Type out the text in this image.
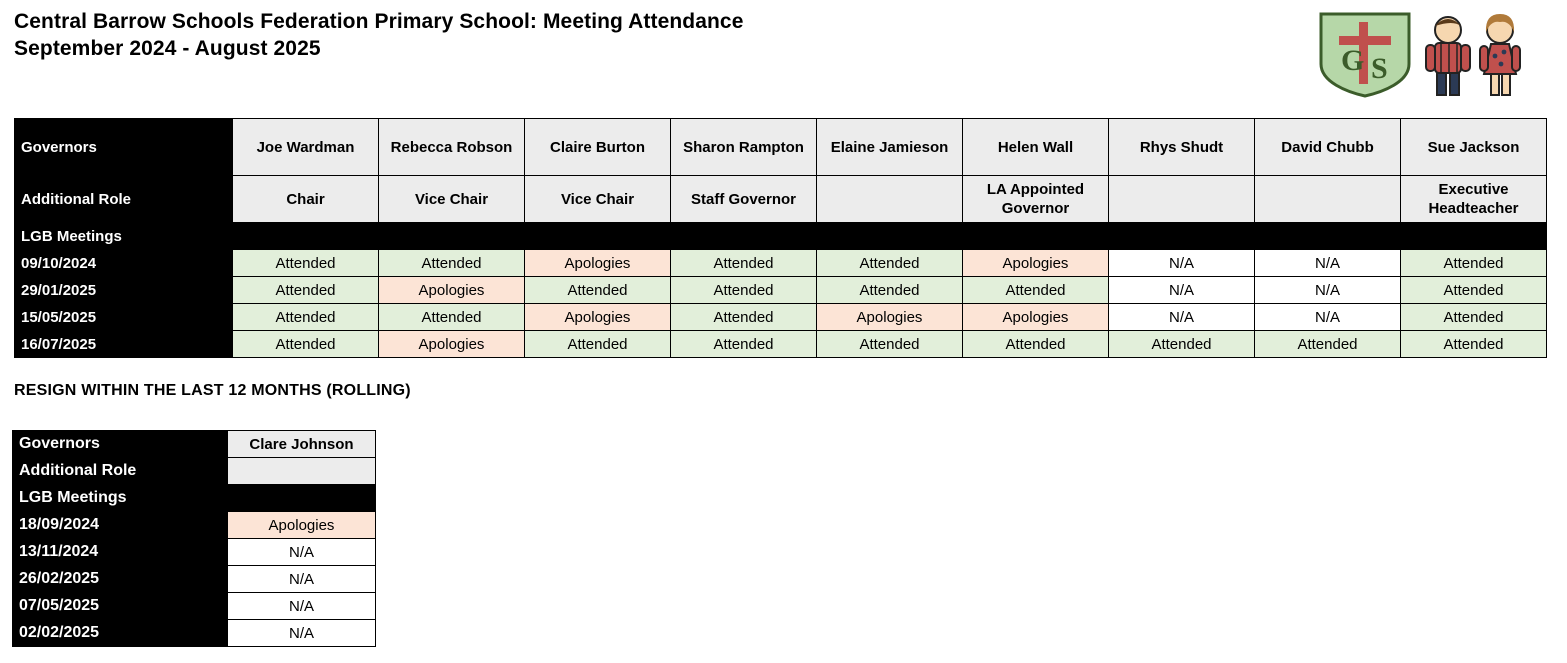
Central Barrow Schools Federation Primary School: Meeting Attendance
September 2024 - August 2025	G S
Governors	Joe Wardman	Rebecca Robson	Claire Burton	Sharon Rampton	Elaine Jamieson	Helen Wall	Rhys Shudt	David Chubb	Sue Jackson
Additional Role	Chair	Vice Chair	Vice Chair	Staff Governor		LA Appointed Governor			Executive Headteacher
LGB Meetings									
09/10/2024	Attended	Attended	Apologies	Attended	Attended	Apologies	N/A	N/A	Attended
29/01/2025	Attended	Apologies	Attended	Attended	Attended	Attended	N/A	N/A	Attended
15/05/2025	Attended	Attended	Apologies	Attended	Apologies	Apologies	N/A	N/A	Attended
16/07/2025	Attended	Apologies	Attended	Attended	Attended	Attended	Attended	Attended	Attended
RESIGN WITHIN THE LAST 12 MONTHS (ROLLING)
Governors	Clare Johnson
Additional Role	
LGB Meetings	
18/09/2024	Apologies
13/11/2024	N/A
26/02/2025	N/A
07/05/2025	N/A
02/02/2025	N/A
